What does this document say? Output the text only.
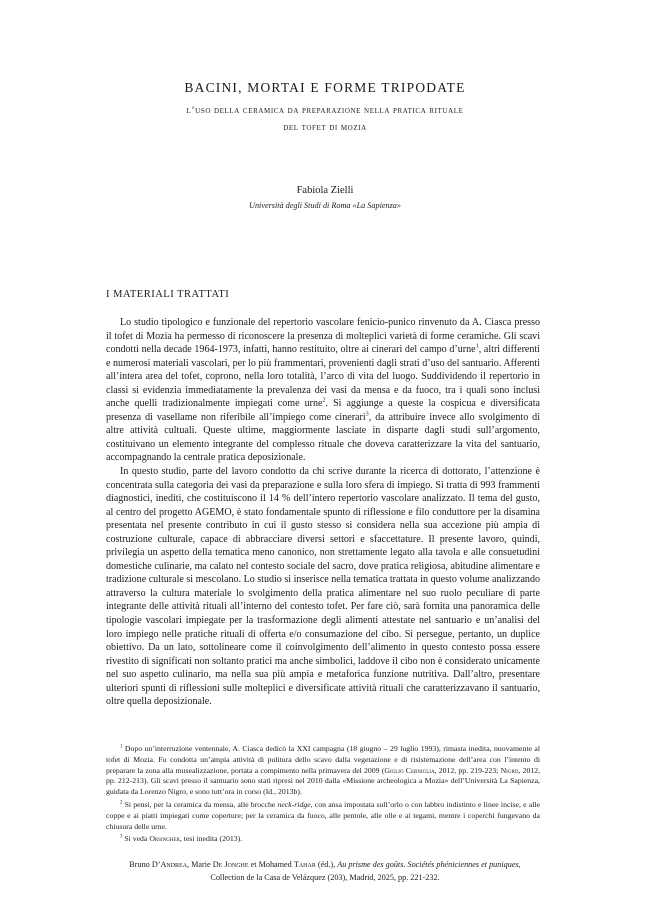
BACINI, MORTAI E FORME TRIPODATE
l’uso della ceramica da preparazione nella pratica rituale
del tofet di mozia
Fabiola Zielli
Università degli Studi di Roma «La Sapienza»
I MATERIALI TRATTATI

Lo studio tipologico e funzionale del repertorio vascolare fenicio-punico rinvenuto da A. Ciasca presso il tofet di Mozia ha permesso di riconoscere la presenza di molteplici varietà di forme ceramiche. Gli scavi condotti nella decade 1964-1973, infatti, hanno restituito, oltre ai cinerari del campo d’urne$^1$, altri differenti e numerosi materiali vascolari, per lo più frammentari, provenienti dagli strati d’uso del santuario. Afferenti all’intera area del tofet, coprono, nella loro totalità, l’arco di vita del luogo. Suddividendo il repertorio in classi si evidenzia immediatamente la prevalenza dei vasi da mensa e da fuoco, tra i quali sono inclusi anche quelli tradizionalmente impiegati come urne$^2$. Si aggiunge a queste la cospicua e diversificata presenza di vasellame non riferibile all’impiego come cinerari$^3$, da attribuire invece allo svolgimento di altre attività cultuali. Queste ultime, maggiormente lasciate in disparte dagli studi sull’argomento, costituivano un elemento integrante del complesso rituale che doveva caratterizzare la vita del santuario, accompagnando la centrale pratica deposizionale.

In questo studio, parte del lavoro condotto da chi scrive durante la ricerca di dottorato, l’attenzione è concentrata sulla categoria dei vasi da preparazione e sulla loro sfera di impiego. Si tratta di 993 frammenti diagnostici, inediti, che costituiscono il 14 % dell’intero repertorio vascolare analizzato. Il tema del gusto, al centro del progetto AGEMO, è stato fondamentale spunto di riflessione e filo conduttore per la disamina presentata nel presente contributo in cui il gusto stesso si considera nella sua accezione più ampia di costruzione culturale, capace di abbracciare diversi settori e sfaccettature. Il presente lavoro, quindi, privilegia un aspetto della tematica meno canonico, non strettamente legato alla tavola e alle consuetudini domestiche culinarie, ma calato nel contesto sociale del sacro, dove pratica religiosa, abitudine alimentare e tradizione culturale si mescolano. Lo studio si inserisce nella tematica trattata in questo volume analizzando attraverso la cultura materiale lo svolgimento della pratica alimentare nel suo ruolo peculiare di parte integrante delle attività rituali all’interno del contesto tofet. Per fare ciò, sarà fornita una panoramica delle tipologie vascolari impiegate per la trasformazione degli alimenti attestate nel santuario e un’analisi del loro impiego nelle pratiche rituali di offerta e/o consumazione del cibo. Si persegue, pertanto, un duplice obiettivo. Da un lato, sottolineare come il coinvolgimento dell’alimento in questo contesto possa essere rivestito di significati non soltanto pratici ma anche simbolici, laddove il cibo non è considerato unicamente nel suo aspetto culinario, ma nella sua più ampia e metaforica funzione nutritiva. Dall’altro, presentare ulteriori spunti di riflessioni sulle molteplici e diversificate attività rituali che caratterizzavano il santuario, oltre quella deposizionale.

$^1$ Dopo un’interruzione ventennale, A. Ciasca dedicò la XXI campagna (18 giugno – 29 luglio 1993), rimasta inedita, nuovamente al tofet di Mozia. Fu condotta un’ampia attività di pulitura dello scavo dalla vegetazione e di risistemazione dell’area con l’intento di preparare la zona alla musealizzazione, portata a compimento nella primavera del 2009 (Giglio Cerniglia, 2012, pp. 219-223; Nigro, 2012, pp. 212-213). Gli scavi presso il santuario sono stati ripresi nel 2010 dalla «Missione archeologica a Mozia» dell’Università La Sapienza, guidata da Lorenzo Nigro, e sono tutt’ora in corso (Id., 2013b).

$^2$ Si pensi, per la ceramica da mensa, alle brocche neck-ridge, con ansa impostata sull’orlo o con labbro indistinto e linee incise, e alle coppe e ai piatti impiegati come coperture; per la ceramica da fuoco, alle pentole, alle olle e ai tegami, mentre i coperchi fungevano da chiusura delle urne.

$^3$ Si veda Orsingher, tesi inedita (2013).

Bruno D’Andrea, Marie De Jonghe et Mohamed Tahar (éd.), Au prisme des goûts. Sociétés phéniciennes et puniques,
Collection de la Casa de Velázquez (203), Madrid, 2025, pp. 221-232.
